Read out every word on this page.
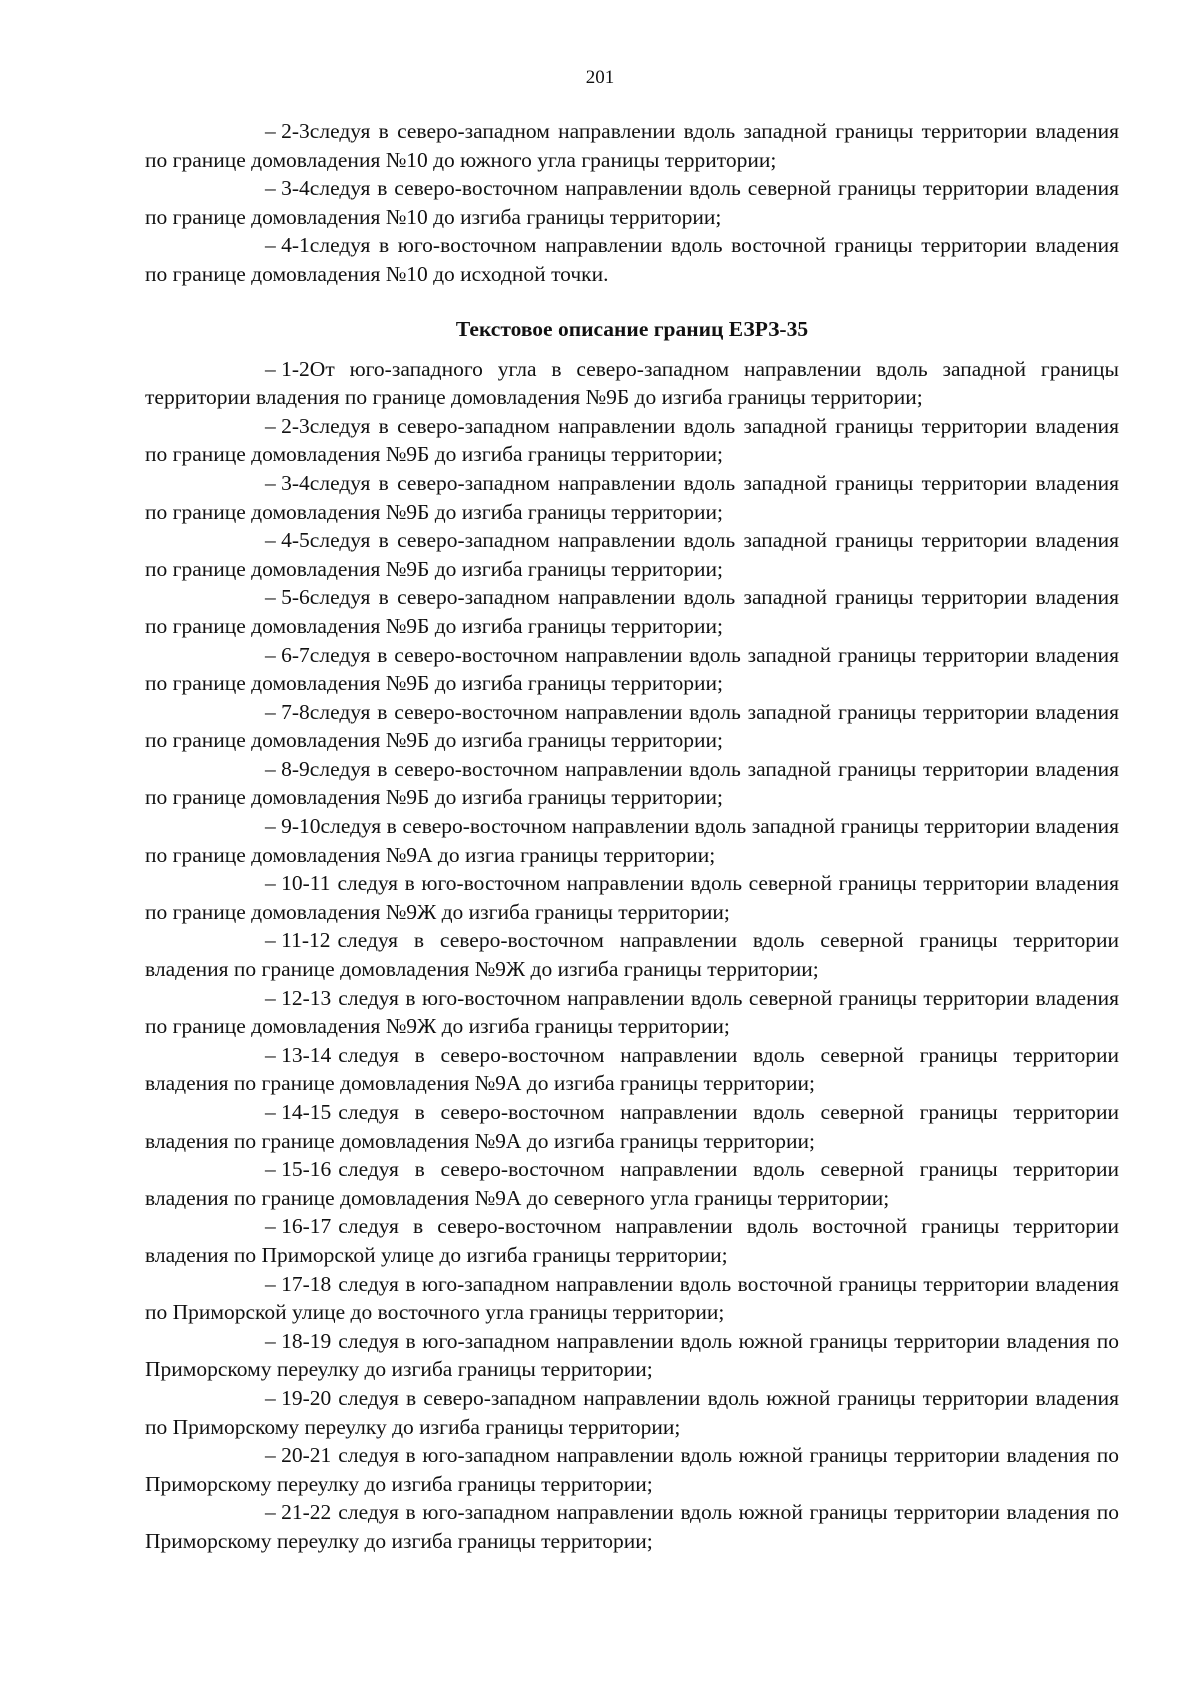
201

– 2-3следуя в северо-западном направлении вдоль западной границы территории владения по границе домовладения №10 до южного угла границы территории;

– 3-4следуя в северо-восточном направлении вдоль северной границы территории владения по границе домовладения №10 до изгиба границы территории;

– 4-1следуя в юго-восточном направлении вдоль восточной границы территории владения по границе домовладения №10 до исходной точки.

Текстовое описание границ ЕЗРЗ-35

– 1-2От юго-западного угла в северо-западном направлении вдоль западной границы территории владения по границе домовладения №9Б до изгиба границы территории;

– 2-3следуя в северо-западном направлении вдоль западной границы территории владения по границе домовладения №9Б до изгиба границы территории;

– 3-4следуя в северо-западном направлении вдоль западной границы территории владения по границе домовладения №9Б до изгиба границы территории;

– 4-5следуя в северо-западном направлении вдоль западной границы территории владения по границе домовладения №9Б до изгиба границы территории;

– 5-6следуя в северо-западном направлении вдоль западной границы территории владения по границе домовладения №9Б до изгиба границы территории;

– 6-7следуя в северо-восточном направлении вдоль западной границы территории владения по границе домовладения №9Б до изгиба границы территории;

– 7-8следуя в северо-восточном направлении вдоль западной границы территории владения по границе домовладения №9Б до изгиба границы территории;

– 8-9следуя в северо-восточном направлении вдоль западной границы территории владения по границе домовладения №9Б до изгиба границы территории;

– 9-10следуя в северо-восточном направлении вдоль западной границы территории владения по границе домовладения №9А до изгиа границы территории;

– 10-11 следуя в юго-восточном направлении вдоль северной границы территории владения по границе домовладения №9Ж до изгиба границы территории;

– 11-12 следуя в северо-восточном направлении вдоль северной границы территории владения по границе домовладения №9Ж до изгиба границы территории;

– 12-13 следуя в юго-восточном направлении вдоль северной границы территории владения по границе домовладения №9Ж до изгиба границы территории;

– 13-14 следуя в северо-восточном направлении вдоль северной границы территории владения по границе домовладения №9А до изгиба границы территории;

– 14-15 следуя в северо-восточном направлении вдоль северной границы территории владения по границе домовладения №9А до изгиба границы территории;

– 15-16 следуя в северо-восточном направлении вдоль северной границы территории владения по границе домовладения №9А до северного угла границы территории;

– 16-17 следуя в северо-восточном направлении вдоль восточной границы территории владения по Приморской улице до изгиба границы территории;

– 17-18 следуя в юго-западном направлении вдоль восточной границы территории владения по Приморской улице до восточного угла границы территории;

– 18-19 следуя в юго-западном направлении вдоль южной границы территории владения по Приморскому переулку до изгиба границы территории;

– 19-20 следуя в северо-западном направлении вдоль южной границы территории владения по Приморскому переулку до изгиба границы территории;

– 20-21 следуя в юго-западном направлении вдоль южной границы территории владения по Приморскому переулку до изгиба границы территории;

– 21-22 следуя в юго-западном направлении вдоль южной границы территории владения по Приморскому переулку до изгиба границы территории;
